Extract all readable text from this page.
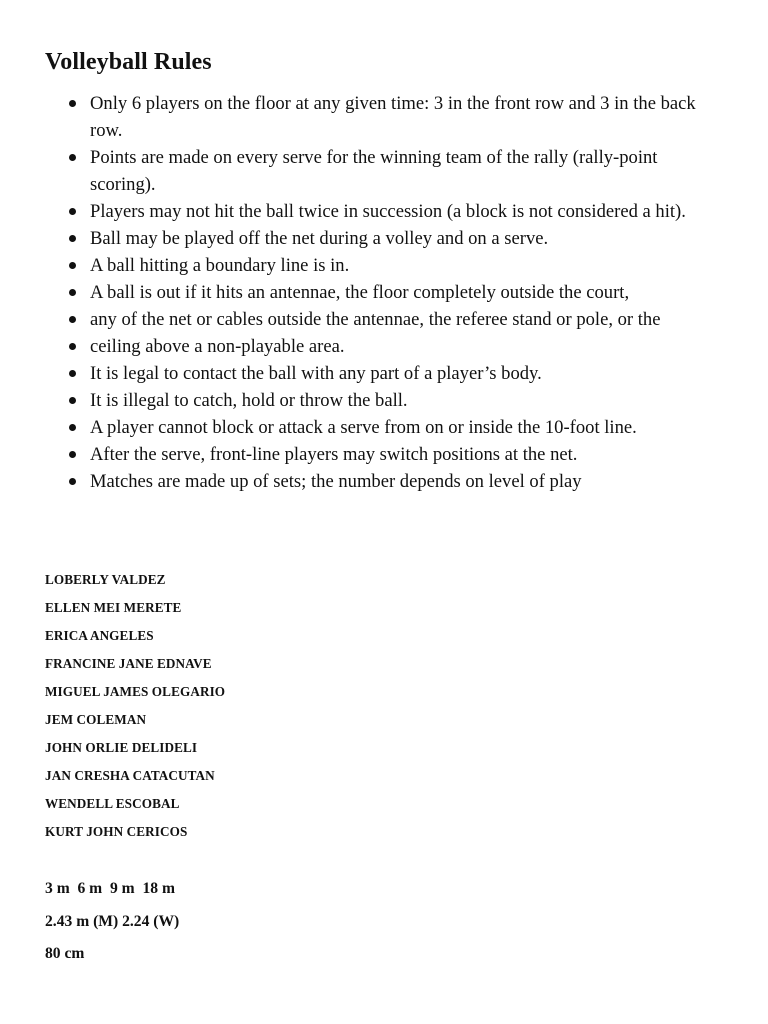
Volleyball Rules
Only 6 players on the floor at any given time: 3 in the front row and 3 in the back row.
Points are made on every serve for the winning team of the rally (rally-point scoring).
Players may not hit the ball twice in succession (a block is not considered a hit).
Ball may be played off the net during a volley and on a serve.
A ball hitting a boundary line is in.
A ball is out if it hits an antennae, the floor completely outside the court,
any of the net or cables outside the antennae, the referee stand or pole, or the
ceiling above a non-playable area.
It is legal to contact the ball with any part of a player’s body.
It is illegal to catch, hold or throw the ball.
A player cannot block or attack a serve from on or inside the 10-foot line.
After the serve, front-line players may switch positions at the net.
Matches are made up of sets; the number depends on level of play
LOBERLY VALDEZ
ELLEN MEI MERETE
ERICA ANGELES
FRANCINE JANE EDNAVE
MIGUEL JAMES OLEGARIO
JEM COLEMAN
JOHN ORLIE DELIDELI
JAN CRESHA CATACUTAN
WENDELL ESCOBAL
KURT JOHN CERICOS
3 m  6 m  9 m  18 m
2.43 m (M) 2.24 (W)
80 cm
